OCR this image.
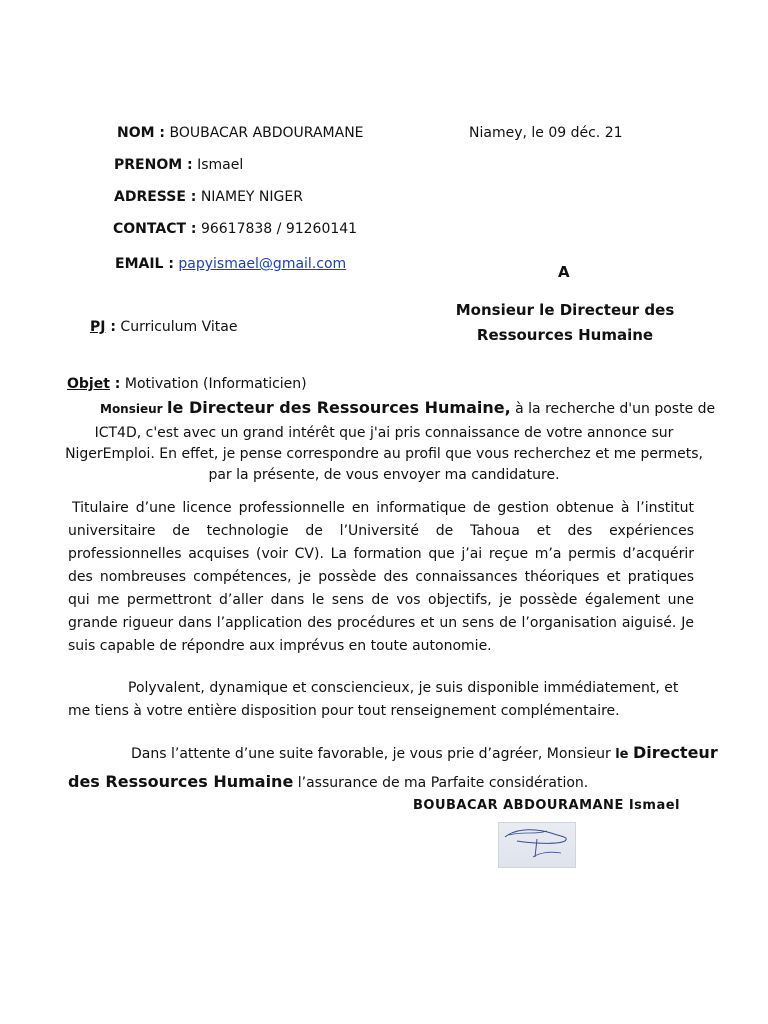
NOM : BOUBACAR ABDOURAMANE	Niamey, le 09 déc. 21
PRENOM : Ismael
ADRESSE : NIAMEY NIGER
CONTACT : 96617838 / 91260141
EMAIL : papyismael@gmail.com	A
Monsieur le Directeur des
Ressources Humaine
PJ : Curriculum Vitae
Objet : Motivation (Informaticien)
Monsieur le Directeur des Ressources Humaine, à la recherche d'un poste de
ICT4D, c'est avec un grand intérêt que j'ai pris connaissance de votre annonce sur
NigerEmploi. En effet, je pense correspondre au profil que vous recherchez et me permets,
par la présente, de vous envoyer ma candidature.
Titulaire d’une licence professionnelle en informatique de gestion obtenue à l’institut universitaire de technologie de l’Université de Tahoua et des expériences professionnelles acquises (voir CV). La formation que j’ai reçue m’a permis d’acquérir des nombreuses compétences, je possède des connaissances théoriques et pratiques qui me permettront d’aller dans le sens de vos objectifs, je possède également une grande rigueur dans l’application des procédures et un sens de l’organisation aiguisé. Je suis capable de répondre aux imprévus en toute autonomie.
Polyvalent, dynamique et consciencieux, je suis disponible immédiatement, et
me tiens à votre entière disposition pour tout renseignement complémentaire.
Dans l’attente d’une suite favorable, je vous prie d’agréer, Monsieur le Directeur
des Ressources Humaine l’assurance de ma Parfaite considération.
BOUBACAR ABDOURAMANE Ismael
